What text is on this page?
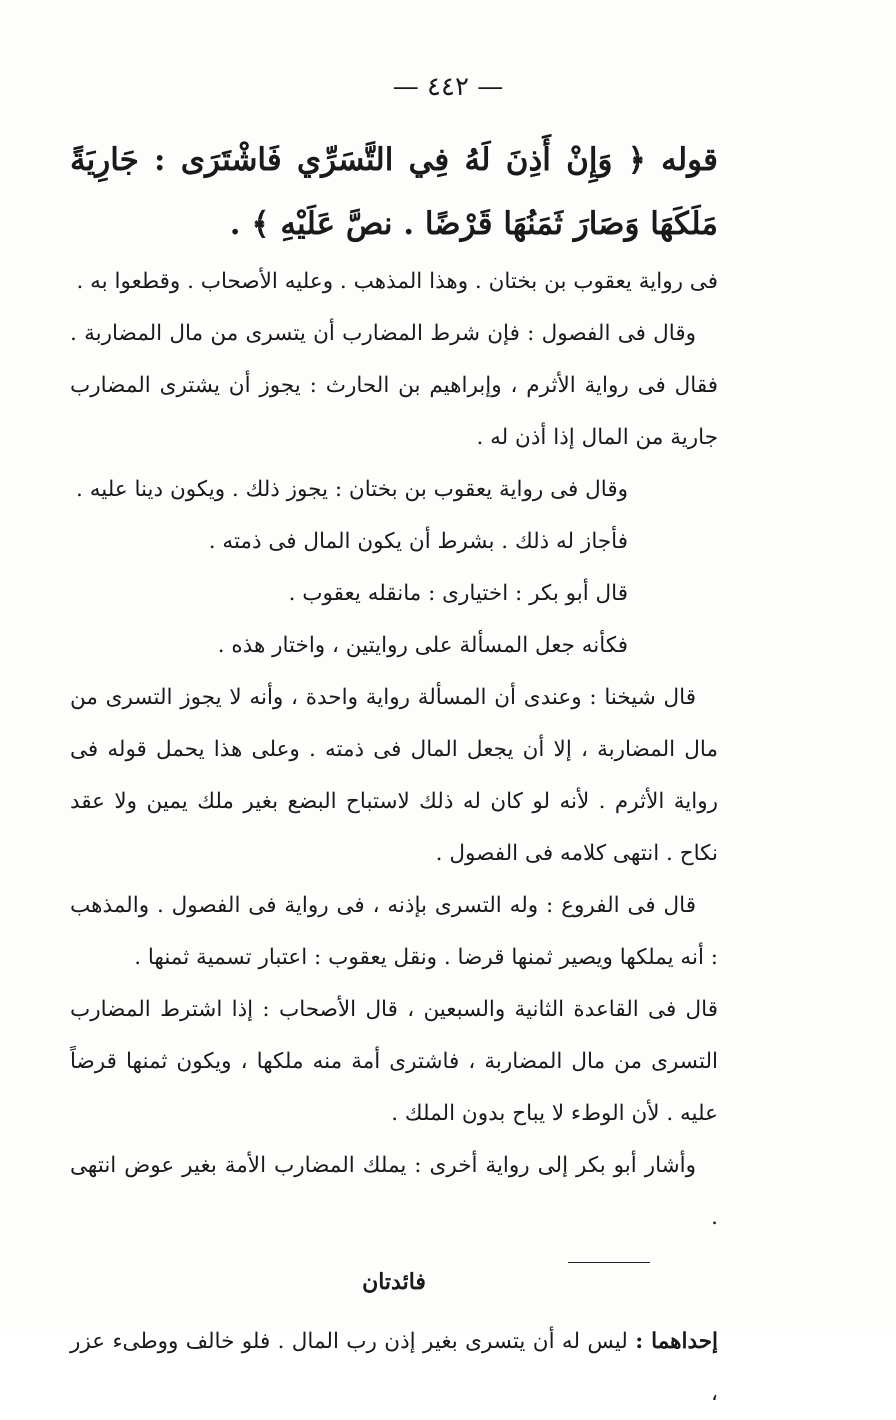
— ٤٤٢ —

قوله ﴿ وَإِنْ أَذِنَ لَهُ فِي التَّسَرِّي فَاشْتَرَى : جَارِيَةً مَلَكَهَا وَصَارَ ثَمَنُهَا قَرْضًا . نصَّ عَلَيْهِ ﴾ .

فى رواية يعقوب بن بختان . وهذا المذهب . وعليه الأصحاب . وقطعوا به .

وقال فى الفصول : فإن شرط المضارب أن يتسرى من مال المضاربة . فقال فى رواية الأثرم ، وإبراهيم بن الحارث : يجوز أن يشترى المضارب جارية من المال إذا أذن له .

وقال فى رواية يعقوب بن بختان : يجوز ذلك . ويكون دينا عليه .

فأجاز له ذلك . بشرط أن يكون المال فى ذمته .

قال أبو بكر : اختيارى : مانقله يعقوب .

فكأنه جعل المسألة على روايتين ، واختار هذه .

قال شيخنا : وعندى أن المسألة رواية واحدة ، وأنه لا يجوز التسرى من مال المضاربة ، إلا أن يجعل المال فى ذمته . وعلى هذا يحمل قوله فى رواية الأثرم . لأنه لو كان له ذلك لاستباح البضع بغير ملك يمين ولا عقد نكاح . انتهى كلامه فى الفصول .

قال فى الفروع : وله التسرى بإذنه ، فى رواية فى الفصول . والمذهب : أنه يملكها ويصير ثمنها قرضا . ونقل يعقوب : اعتبار تسمية ثمنها .

قال فى القاعدة الثانية والسبعين ، قال الأصحاب : إذا اشترط المضارب التسرى من مال المضاربة ، فاشترى أمة منه ملكها ، ويكون ثمنها قرضاً عليه . لأن الوطء لا يباح بدون الملك .

وأشار أبو بكر إلى رواية أخرى : يملك المضارب الأمة بغير عوض انتهى .

فائدتان

إحداهما : ليس له أن يتسرى بغير إذن رب المال . فلو خالف ووطىء عزر ،
